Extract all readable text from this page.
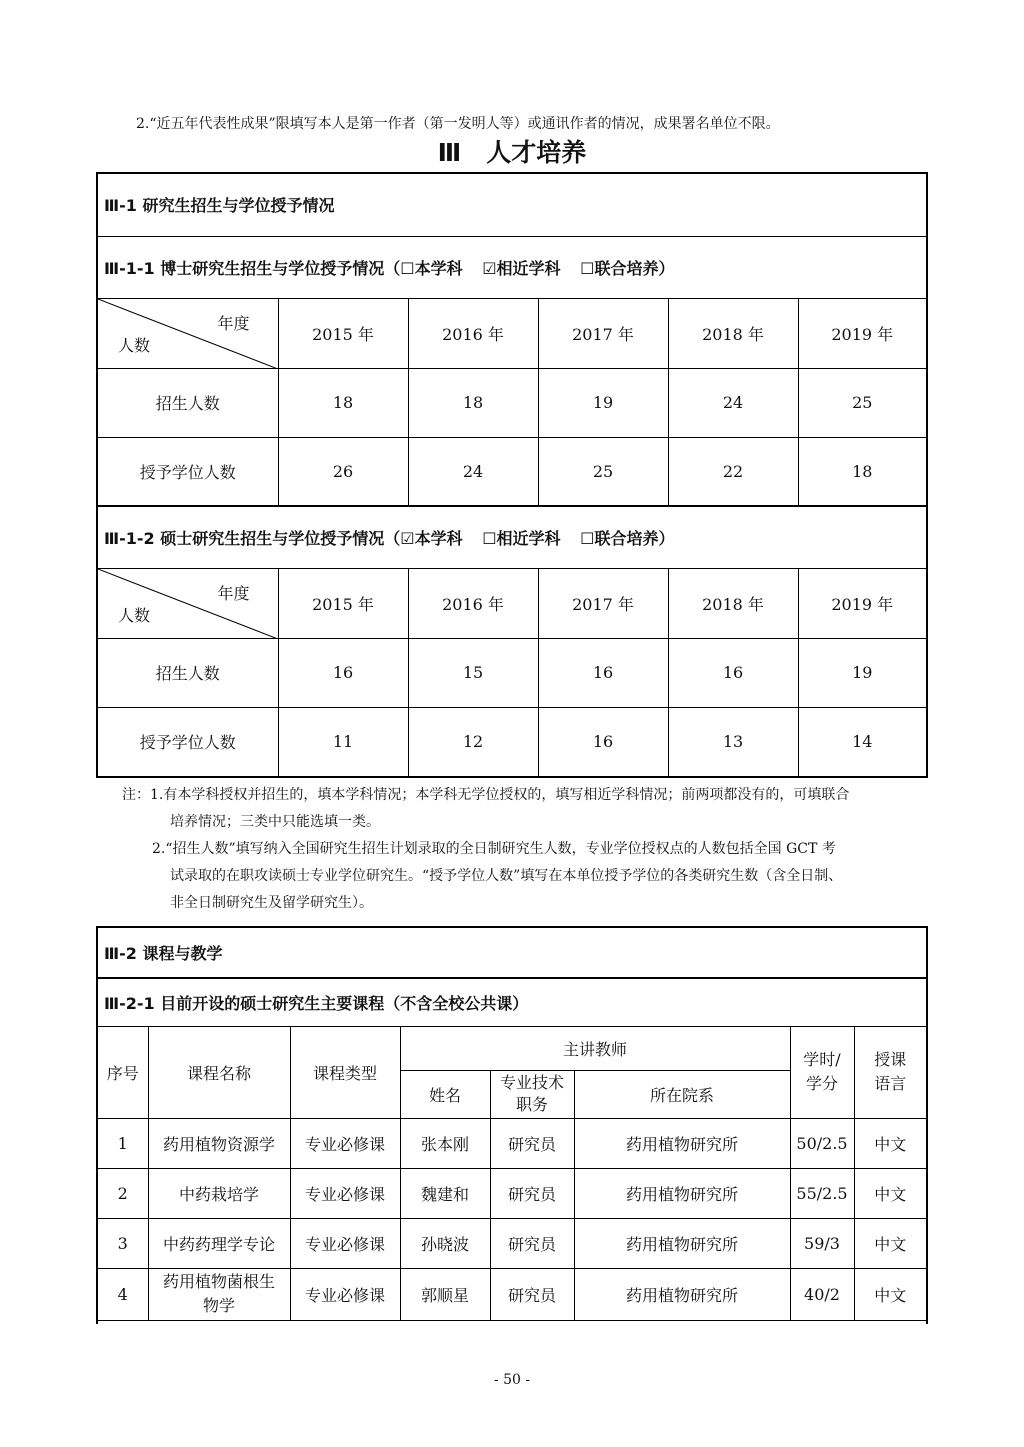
2.“近五年代表性成果”限填写本人是第一作者（第一发明人等）或通讯作者的情况，成果署名单位不限。
Ⅲ　人才培养
Ⅲ-1 研究生招生与学位授予情况					
Ⅲ-1-1 博士研究生招生与学位授予情况（☐本学科 ☑相近学科 ☐联合培养）					

年度
人数	2015 年	2016 年	2017 年	2018 年	2019 年
招生人数	18	18	19	24	25
授予学位人数	26	24	25	22	18
Ⅲ-1-2 硕士研究生招生与学位授予情况（☑本学科 ☐相近学科 ☐联合培养）					

年度
人数	2015 年	2016 年	2017 年	2018 年	2019 年
招生人数	16	15	16	16	19
授予学位人数	11	12	16	13	14
注：1.有本学科授权并招生的，填本学科情况；本学科无学位授权的，填写相近学科情况；前两项都没有的，可填联合
培养情况；三类中只能选填一类。
2.“招生人数”填写纳入全国研究生招生计划录取的全日制研究生人数，专业学位授权点的人数包括全国 GCT 考
试录取的在职攻读硕士专业学位研究生。“授予学位人数”填写在本单位授予学位的各类研究生数（含全日制、
非全日制研究生及留学研究生）。
Ⅲ-2 课程与教学							
Ⅲ-2-1 目前开设的硕士研究生主要课程（不含全校公共课）							
序号	课程名称	课程类型	主讲教师			学时/学分	授课语言
			姓名	专业技术职务	所在院系		
1	药用植物资源学	专业必修课	张本刚	研究员	药用植物研究所	50/2.5	中文
2	中药栽培学	专业必修课	魏建和	研究员	药用植物研究所	55/2.5	中文
3	中药药理学专论	专业必修课	孙晓波	研究员	药用植物研究所	59/3	中文
4	药用植物菌根生物学	专业必修课	郭顺星	研究员	药用植物研究所	40/2	中文
- 50 -
